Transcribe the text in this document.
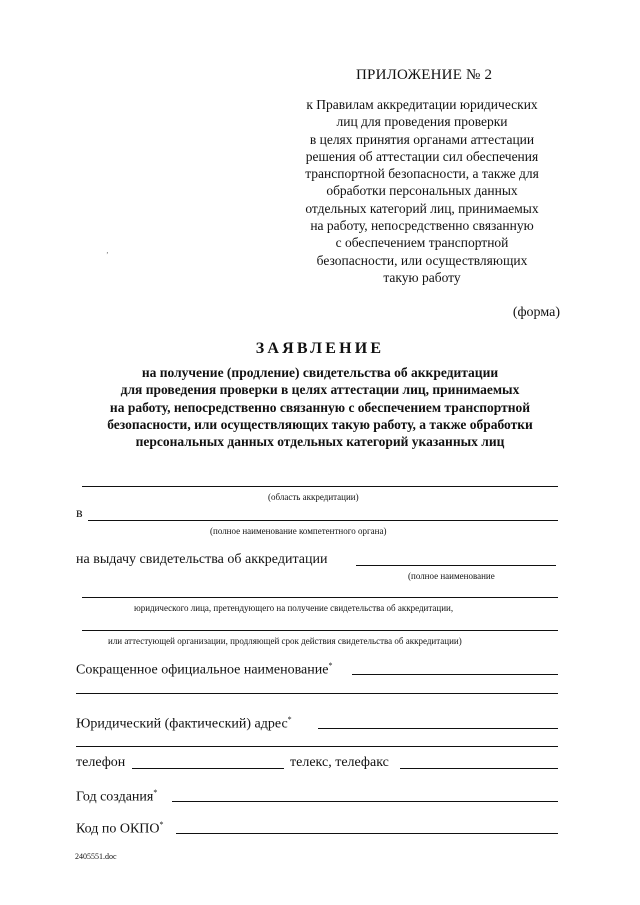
ПРИЛОЖЕНИЕ № 2
к Правилам аккредитации юридических
лиц для проведения проверки
в целях принятия органами аттестации
решения об аттестации сил обеспечения
транспортной безопасности, а также для
обработки персональных данных
отдельных категорий лиц, принимаемых
на работу, непосредственно связанную
с обеспечением транспортной
безопасности, или осуществляющих
такую работу
‚
(форма)
ЗАЯВЛЕНИЕ
на получение (продление) свидетельства об аккредитации
для проведения проверки в целях аттестации лиц, принимаемых
на работу, непосредственно связанную с обеспечением транспортной
безопасности, или осуществляющих такую работу, а также обработки
персональных данных отдельных категорий указанных лиц
(область аккредитации)
в
(полное наименование компетентного органа)
на выдачу свидетельства об аккредитации
(полное наименование
юридического лица, претендующего на получение свидетельства об аккредитации,
или аттестующей организации, продляющей срок действия свидетельства об аккредитации)
Сокращенное официальное наименование*
Юридический (фактический) адрес*
телефон	телекс, телефакс
Год создания*
Код по ОКПО*
2405551.doc
